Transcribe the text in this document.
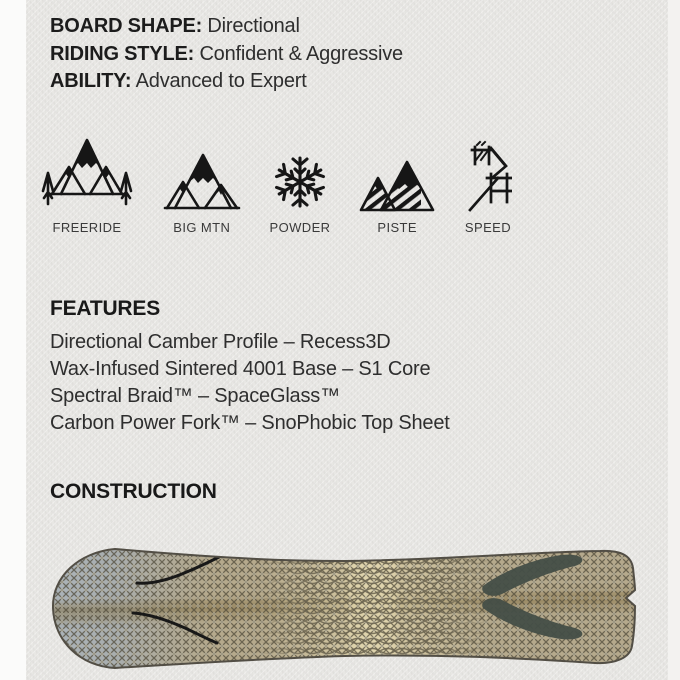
BOARD SHAPE: Directional
RIDING STYLE: Confident & Aggressive
ABILITY: Advanced to Expert
FREERIDE	BIG MTN	POWDER	PISTE	SPEED
FEATURES
Directional Camber Profile – Recess3D
Wax-Infused Sintered 4001 Base – S1 Core
Spectral Braid™ – SpaceGlass™
Carbon Power Fork™ – SnoPhobic Top Sheet
CONSTRUCTION
